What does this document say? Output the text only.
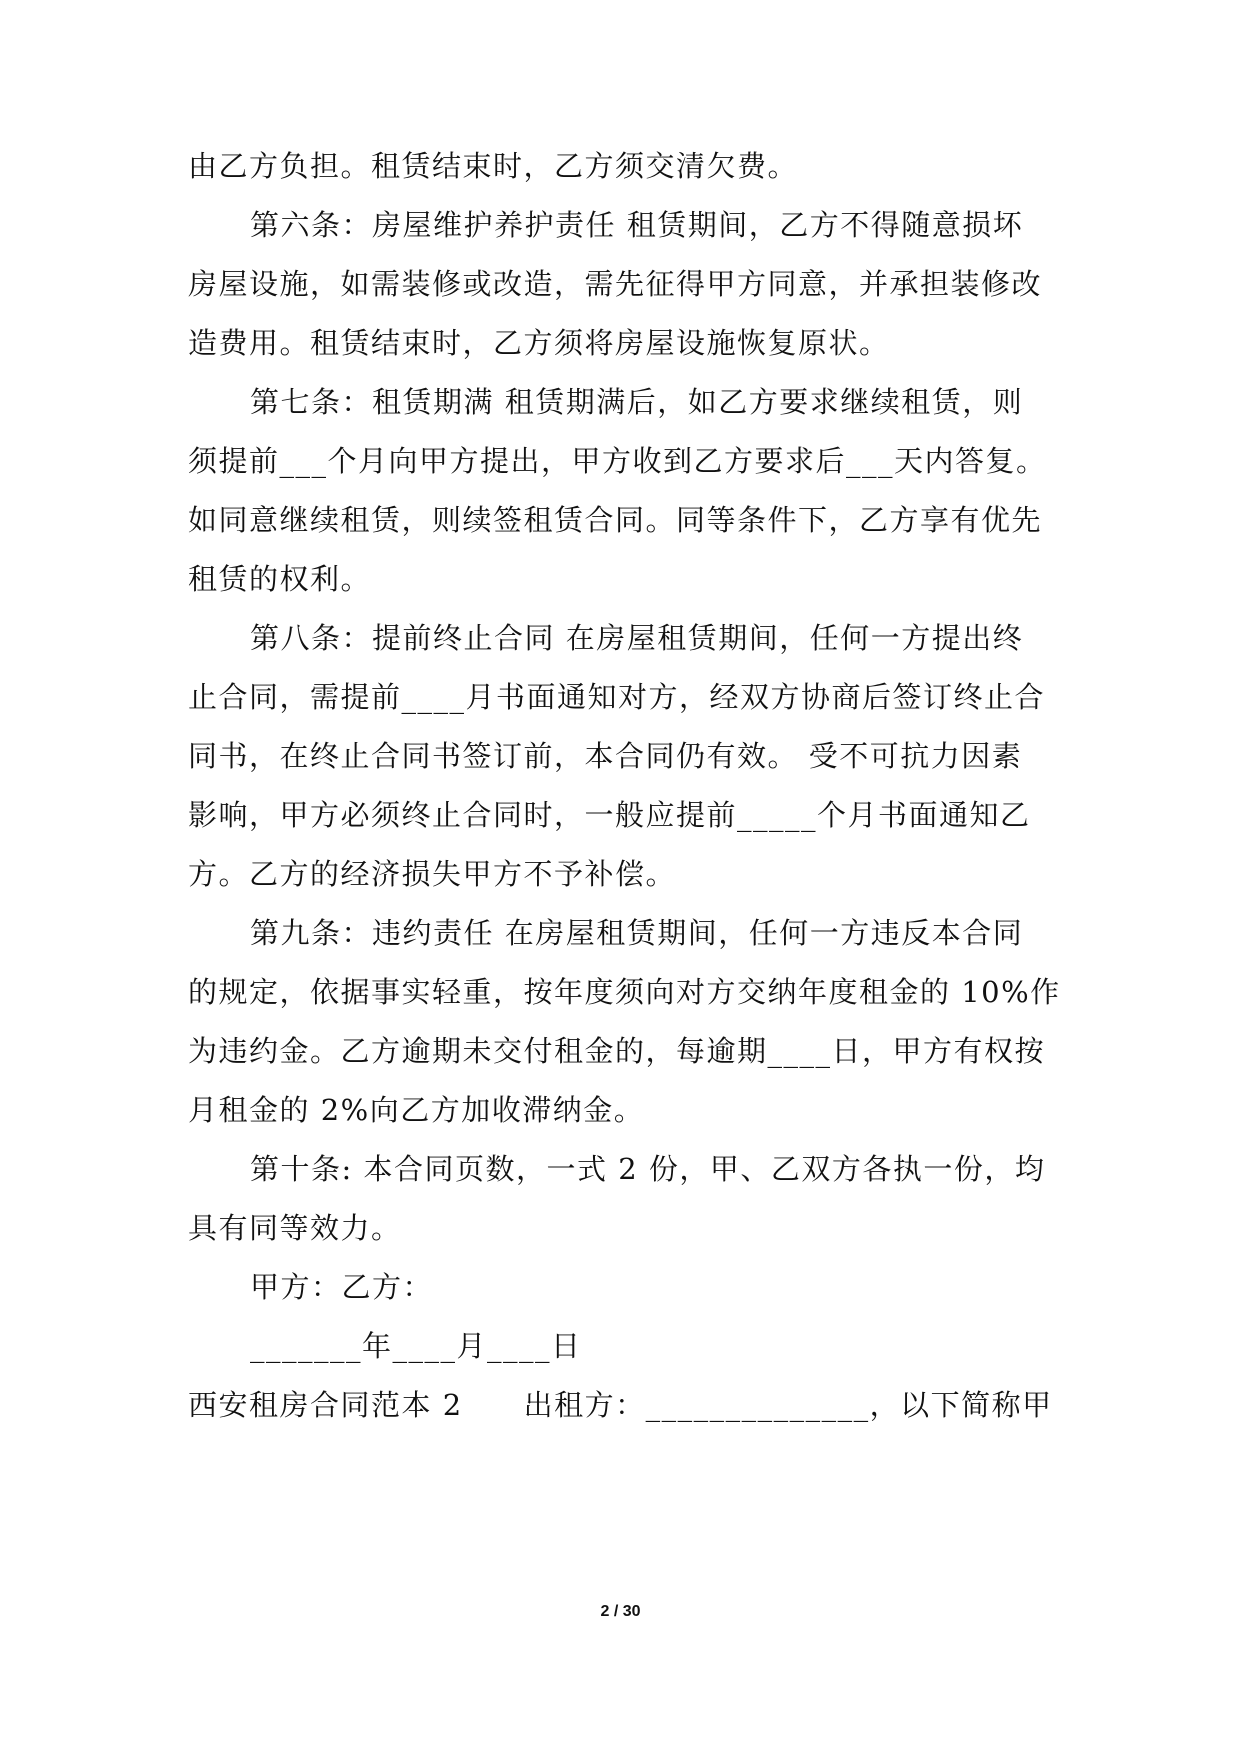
由乙方负担。租赁结束时，乙方须交清欠费。
第六条：房屋维护养护责任 租赁期间，乙方不得随意损坏
房屋设施，如需装修或改造，需先征得甲方同意，并承担装修改
造费用。租赁结束时，乙方须将房屋设施恢复原状。
第七条：租赁期满 租赁期满后，如乙方要求继续租赁，则
须提前___个月向甲方提出，甲方收到乙方要求后___天内答复。
如同意继续租赁，则续签租赁合同。同等条件下，乙方享有优先
租赁的权利。
第八条：提前终止合同 在房屋租赁期间，任何一方提出终
止合同，需提前____月书面通知对方，经双方协商后签订终止合
同书，在终止合同书签订前，本合同仍有效。 受不可抗力因素
影响，甲方必须终止合同时，一般应提前_____个月书面通知乙
方。乙方的经济损失甲方不予补偿。
第九条：违约责任 在房屋租赁期间，任何一方违反本合同
的规定，依据事实轻重，按年度须向对方交纳年度租金的 10%作
为违约金。乙方逾期未交付租金的，每逾期____日，甲方有权按
月租金的 2%向乙方加收滞纳金。
第十条: 本合同页数，一式 2 份，甲、乙双方各执一份，均
具有同等效力。
甲方：乙方：
_______年____月____日
西安租房合同范本 2　　出租方：______________，以下简称甲
2 / 30
